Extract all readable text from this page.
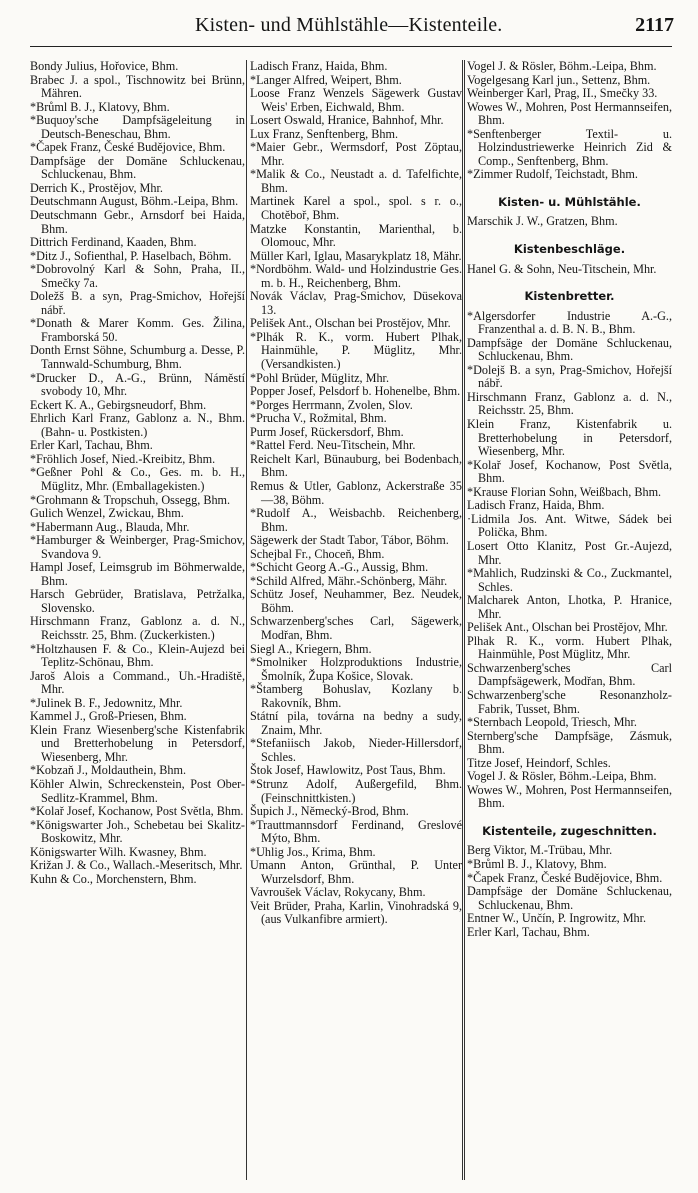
Kisten- und Mühlstähle—Kistenteile.	2117
Bondy Julius, Hořovice, Bhm.
Brabec J. a spol., Tischnowitz bei Brünn, Mähren.
*Brůml B. J., Klatovy, Bhm.
*Buquoy'sche Dampfsägeleitung in Deutsch-Beneschau, Bhm.
*Čapek Franz, České Budějovice, Bhm.
Dampfsäge der Domäne Schluckenau, Schluckenau, Bhm.
Derrich K., Prostějov, Mhr.
Deutschmann August, Böhm.-Leipa, Bhm.
Deutschmann Gebr., Arnsdorf bei Haida, Bhm.
Dittrich Ferdinand, Kaaden, Bhm.
*Ditz J., Sofienthal, P. Haselbach, Böhm.
*Dobrovolný Karl & Sohn, Praha, II., Smečky 7a.
Doležš B. a syn, Prag-Smichov, Hořejší nábř.
*Donath & Marer Komm. Ges. Žilina, Framborská 50.
Donth Ernst Söhne, Schumburg a. Desse, P. Tannwald-Schumburg, Bhm.
*Drucker D., A.-G., Brünn, Náměstí svobody 10, Mhr.
Eckert K. A., Gebirgsneudorf, Bhm.
Ehrlich Karl Franz, Gablonz a. N., Bhm. (Bahn- u. Postkisten.)
Erler Karl, Tachau, Bhm.
*Fröhlich Josef, Nied.-Kreibitz, Bhm.
*Geßner Pohl & Co., Ges. m. b. H., Müglitz, Mhr. (Emballagekisten.)
*Grohmann & Tropschuh, Ossegg, Bhm.
Gulich Wenzel, Zwickau, Bhm.
*Habermann Aug., Blauda, Mhr.
*Hamburger & Weinberger, Prag-Smichov, Svandova 9.
Hampl Josef, Leimsgrub im Böhmerwalde, Bhm.
Harsch Gebrüder, Bratislava, Petržalka, Slovensko.
Hirschmann Franz, Gablonz a. d. N., Reichsstr. 25, Bhm. (Zuckerkisten.)
*Holtzhausen F. & Co., Klein-Aujezd bei Teplitz-Schönau, Bhm.
Jaroš Alois a Command., Uh.-Hradiště, Mhr.
*Julinek B. F., Jedownitz, Mhr.
Kammel J., Groß-Priesen, Bhm.
Klein Franz Wiesenberg'sche Kistenfabrik und Bretterhobelung in Petersdorf, Wiesenberg, Mhr.
*Kobzaň J., Moldauthein, Bhm.
Köhler Alwin, Schreckenstein, Post Ober-Sedlitz-Krammel, Bhm.
*Kolař Josef, Kochanow, Post Světla, Bhm.
*Königswarter Joh., Schebetau bei Skalitz-Boskowitz, Mhr.
Königswarter Wilh. Kwasney, Bhm.
Križan J. & Co., Wallach.-Meseritsch, Mhr.
Kuhn & Co., Morchenstern, Bhm.
Ladisch Franz, Haida, Bhm.
*Langer Alfred, Weipert, Bhm.
Loose Franz Wenzels Sägewerk Gustav Weis' Erben, Eichwald, Bhm.
Losert Oswald, Hranice, Bahnhof, Mhr.
Lux Franz, Senftenberg, Bhm.
*Maier Gebr., Wermsdorf, Post Zöptau, Mhr.
*Malik & Co., Neustadt a. d. Tafelfichte, Bhm.
Martinek Karel a spol., spol. s r. o., Chotěboř, Bhm.
Matzke Konstantin, Marienthal, b. Olomouc, Mhr.
Müller Karl, Iglau, Masarykplatz 18, Mähr.
*Nordböhm. Wald- und Holzindustrie Ges. m. b. H., Reichenberg, Bhm.
Novák Václav, Prag-Smichov, Düsekova 13.
Pelišek Ant., Olschan bei Prostějov, Mhr.
*Plhák R. K., vorm. Hubert Plhak, Hainmühle, P. Müglitz, Mhr. (Versandkisten.)
*Pohl Brüder, Müglitz, Mhr.
Popper Josef, Pelsdorf b. Hohenelbe, Bhm.
*Porges Herrmann, Zvolen, Slov.
*Prucha V., Rožmital, Bhm.
Purm Josef, Rückersdorf, Bhm.
*Rattel Ferd. Neu-Titschein, Mhr.
Reichelt Karl, Bünauburg, bei Bodenbach, Bhm.
Remus & Utler, Gablonz, Ackerstraße 35—38, Böhm.
*Rudolf A., Weisbachb. Reichenberg, Bhm.
Sägewerk der Stadt Tabor, Tábor, Böhm.
Schejbal Fr., Choceň, Bhm.
*Schicht Georg A.-G., Aussig, Bhm.
*Schild Alfred, Mähr.-Schönberg, Mähr.
Schütz Josef, Neuhammer, Bez. Neudek, Böhm.
Schwarzenberg'sches Carl, Sägewerk, Modřan, Bhm.
Siegl A., Kriegern, Bhm.
*Smolniker Holzproduktions Industrie, Šmolník, Župa Košice, Slovak.
*Štamberg Bohuslav, Kozlany b. Rakovník, Bhm.
Státní pila, továrna na bedny a sudy, Znaim, Mhr.
*Stefaniisch Jakob, Nieder-Hillersdorf, Schles.
Štok Josef, Hawlowitz, Post Taus, Bhm.
*Strunz Adolf, Außergefild, Bhm. (Feinschnittkisten.)
Šupich J., Německý-Brod, Bhm.
*Trauttmannsdorf Ferdinand, Greslové Mýto, Bhm.
*Uhlig Jos., Krima, Bhm.
Umann Anton, Grünthal, P. Unter Wurzelsdorf, Bhm.
Vavroušek Václav, Rokycany, Bhm.
Veit Brüder, Praha, Karlin, Vinohradská 9, (aus Vulkanfibre armiert).
Vogel J. & Rösler, Böhm.-Leipa, Bhm.
Vogelgesang Karl jun., Settenz, Bhm.
Weinberger Karl, Prag, II., Smečky 33.
Wowes W., Mohren, Post Hermannseifen, Bhm.
*Senftenberger Textil- u. Holzindustriewerke Heinrich Zid & Comp., Senftenberg, Bhm.
*Zimmer Rudolf, Teichstadt, Bhm.
Kisten- u. Mühlstähle.
Marschik J. W., Gratzen, Bhm.
Kistenbeschläge.
Hanel G. & Sohn, Neu-Titschein, Mhr.
Kistenbretter.
*Algersdorfer Industrie A.-G., Franzenthal a. d. B. N. B., Bhm.
Dampfsäge der Domäne Schluckenau, Schluckenau, Bhm.
*Doleјš B. a syn, Prag-Smichov, Hořejší nábř.
Hirschmann Franz, Gablonz a. d. N., Reichsstr. 25, Bhm.
Klein Franz, Kistenfabrik u. Bretterhobelung in Petersdorf, Wiesenberg, Mhr.
*Kolař Josef, Kochanow, Post Světla, Bhm.
*Krause Florian Sohn, Weißbach, Bhm.
Ladisch Franz, Haida, Bhm.
·Lidmila Jos. Ant. Witwe, Sádek bei Polička, Bhm.
Losert Otto Klanitz, Post Gr.-Aujezd, Mhr.
*Mahlich, Rudzinski & Co., Zuckmantel, Schles.
Malcharek Anton, Lhotka, P. Hranice, Mhr.
Pelišek Ant., Olschan bei Prostějov, Mhr.
Plhak R. K., vorm. Hubert Plhak, Hainmühle, Post Müglitz, Mhr.
Schwarzenberg'sches Carl Dampfsägewerk, Modřan, Bhm.
Schwarzenberg'sche Resonanzholz-Fabrik, Tusset, Bhm.
*Sternbach Leopold, Triesch, Mhr.
Sternberg'sche Dampfsäge, Zásmuk, Bhm.
Titze Josef, Heindorf, Schles.
Vogel J. & Rösler, Böhm.-Leipa, Bhm.
Wowes W., Mohren, Post Hermannseifen, Bhm.
Kistenteile, zugeschnitten.
Berg Viktor, M.-Trübau, Mhr.
*Brůml B. J., Klatovy, Bhm.
*Čapek Franz, České Budějovice, Bhm.
Dampfsäge der Domäne Schluckenau, Schluckenau, Bhm.
Entner W., Unčín, P. Ingrowitz, Mhr.
Erler Karl, Tachau, Bhm.
